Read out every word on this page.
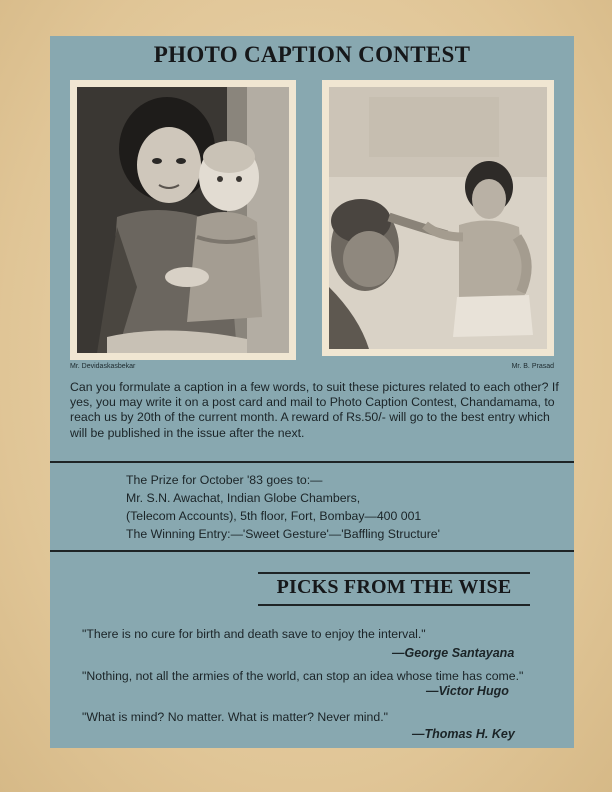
PHOTO CAPTION CONTEST
Mr. Devidaskasbekar	Mr. B. Prasad
Can you formulate a caption in a few words, to suit these pictures related to each other? If yes, you may write it on a post card and mail to Photo Caption Contest, Chandamama, to reach us by 20th of the current month. A reward of Rs.50/- will go to the best entry which will be published in the issue after the next.
The Prize for October '83 goes to:—
Mr. S.N. Awachat, Indian Globe Chambers,
(Telecom Accounts), 5th floor, Fort, Bombay—400 001
The Winning Entry:—'Sweet Gesture'—'Baffling Structure'
PICKS FROM THE WISE
"There is no cure for birth and death save to enjoy the interval."
—George Santayana
"Nothing, not all the armies of the world, can stop an idea whose time has come."
—Victor Hugo
"What is mind? No matter. What is matter? Never mind."
—Thomas H. Key
